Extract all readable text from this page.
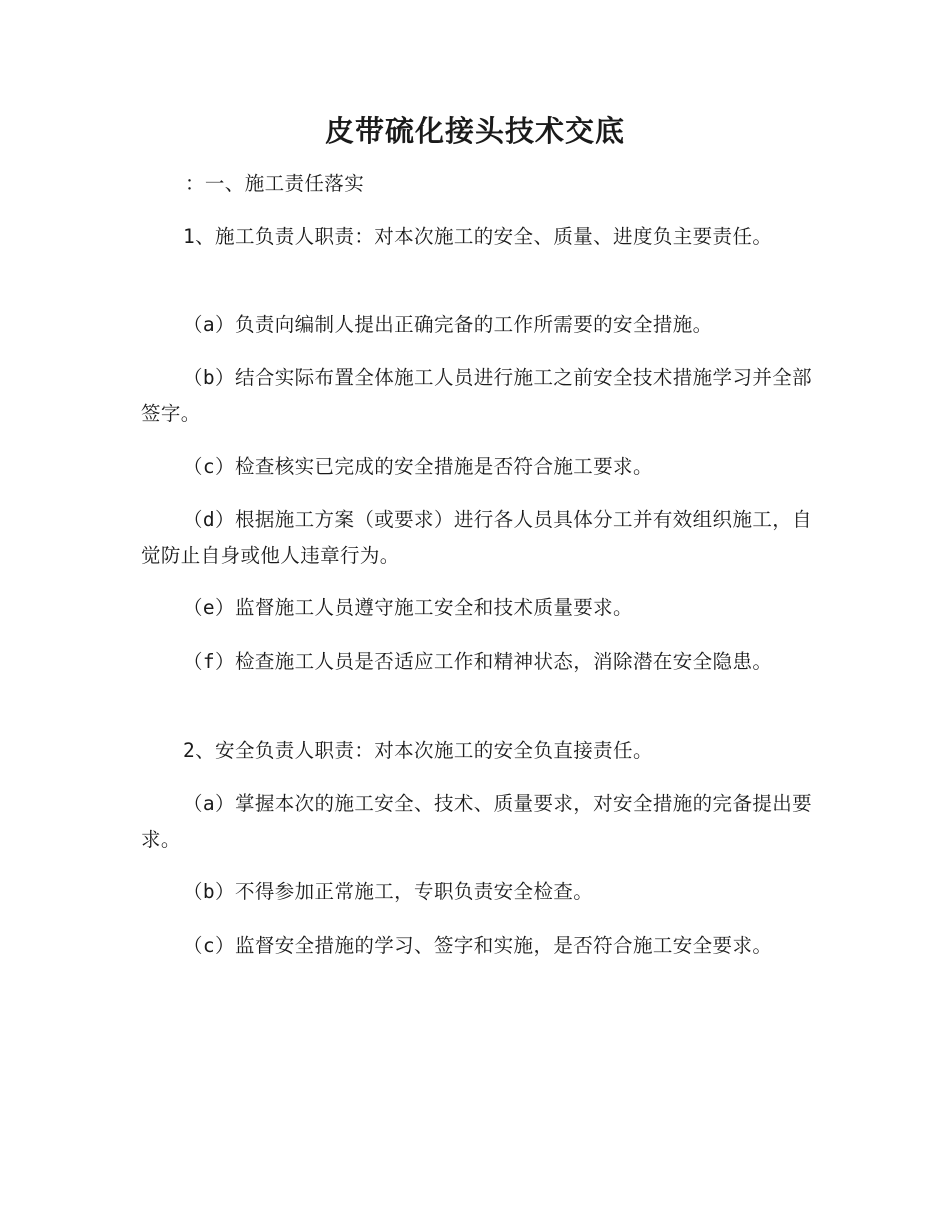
皮带硫化接头技术交底

：一、施工责任落实

1、施工负责人职责：对本次施工的安全、质量、进度负主要责任。

（a）负责向编制人提出正确完备的工作所需要的安全措施。

（b）结合实际布置全体施工人员进行施工之前安全技术措施学习并全部签字。

（c）检查核实已完成的安全措施是否符合施工要求。

（d）根据施工方案（或要求）进行各人员具体分工并有效组织施工，自觉防止自身或他人违章行为。

（e）监督施工人员遵守施工安全和技术质量要求。

（f）检查施工人员是否适应工作和精神状态，消除潜在安全隐患。

2、安全负责人职责：对本次施工的安全负直接责任。

（a）掌握本次的施工安全、技术、质量要求，对安全措施的完备提出要求。

（b）不得参加正常施工，专职负责安全检查。

（c）监督安全措施的学习、签字和实施，是否符合施工安全要求。
